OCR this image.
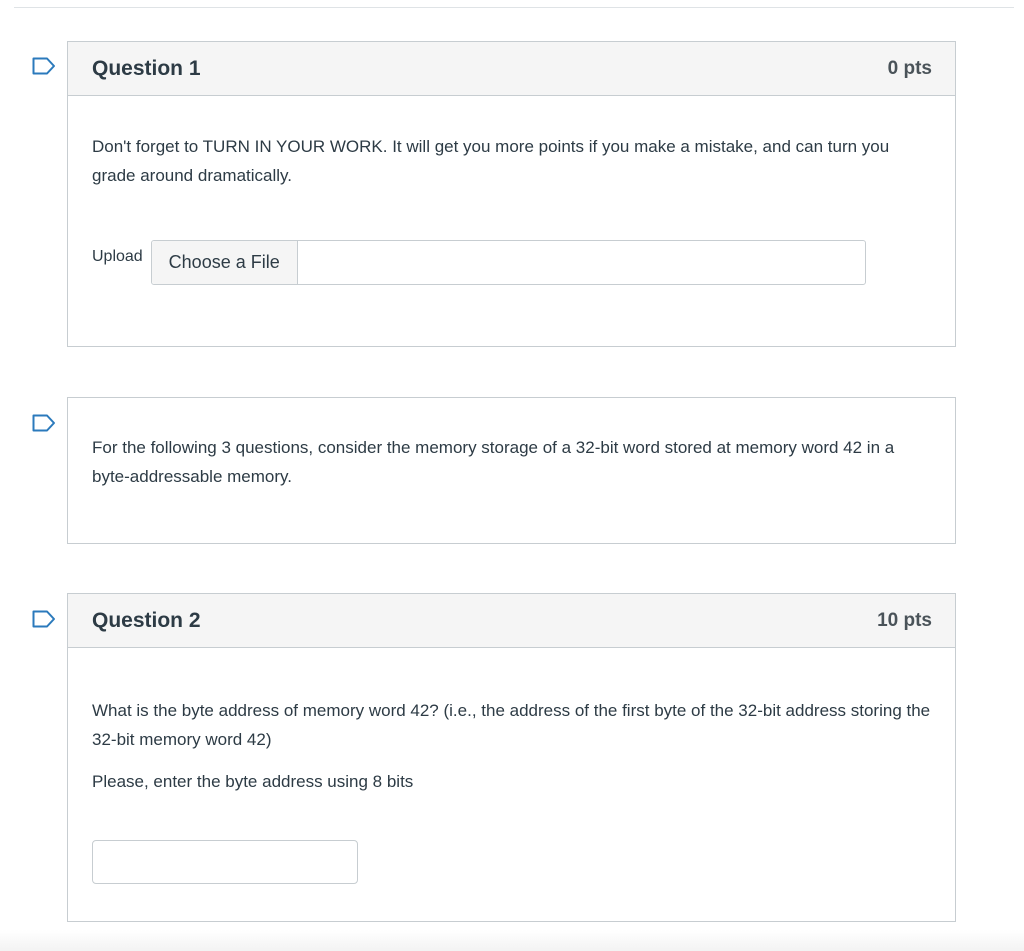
Question 1	0 pts

Don't forget to TURN IN YOUR WORK. It will get you more points if you make a mistake, and can turn you grade around dramatically.

Upload	Choose a File

For the following 3 questions, consider the memory storage of a 32-bit word stored at memory word 42 in a byte-addressable memory.

Question 2	10 pts

What is the byte address of memory word 42? (i.e., the address of the first byte of the 32-bit address storing the 32-bit memory word 42)

Please, enter the byte address using 8 bits
